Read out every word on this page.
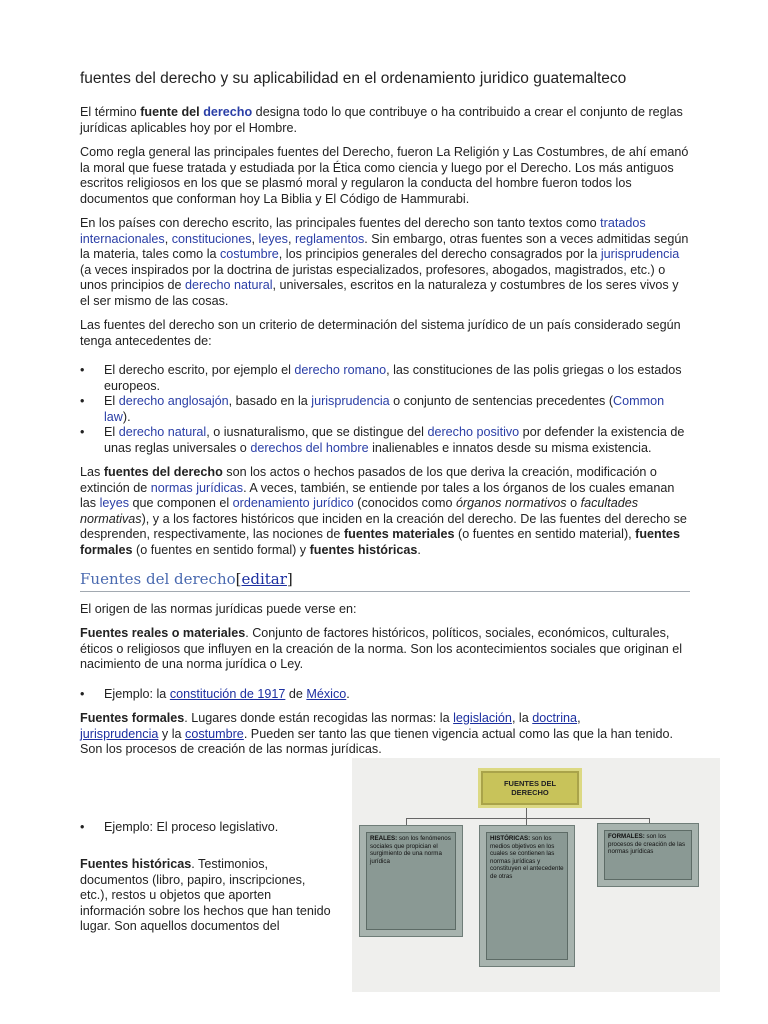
fuentes del derecho y su aplicabilidad en el ordenamiento juridico guatemalteco

El término fuente del derecho designa todo lo que contribuye o ha contribuido a crear el conjunto de reglas jurídicas aplicables hoy por el Hombre.

Como regla general las principales fuentes del Derecho, fueron La Religión y Las Costumbres, de ahí emanó la moral que fuese tratada y estudiada por la Ética como ciencia y luego por el Derecho. Los más antiguos escritos religiosos en los que se plasmó moral y regularon la conducta del hombre fueron todos los documentos que conforman hoy La Biblia y El Código de Hammurabi.

En los países con derecho escrito, las principales fuentes del derecho son tanto textos como tratados internacionales, constituciones, leyes, reglamentos. Sin embargo, otras fuentes son a veces admitidas según la materia, tales como la costumbre, los principios generales del derecho consagrados por la jurisprudencia (a veces inspirados por la doctrina de juristas especializados, profesores, abogados, magistrados, etc.) o unos principios de derecho natural, universales, escritos en la naturaleza y costumbres de los seres vivos y el ser mismo de las cosas.

Las fuentes del derecho son un criterio de determinación del sistema jurídico de un país considerado según tenga antecedentes de:

• El derecho escrito, por ejemplo el derecho romano, las constituciones de las polis griegas o los estados europeos.
• El derecho anglosajón, basado en la jurisprudencia o conjunto de sentencias precedentes (Common law).
• El derecho natural, o iusnaturalismo, que se distingue del derecho positivo por defender la existencia de unas reglas universales o derechos del hombre inalienables e innatos desde su misma existencia.

Las fuentes del derecho son los actos o hechos pasados de los que deriva la creación, modificación o extinción de normas jurídicas. A veces, también, se entiende por tales a los órganos de los cuales emanan las leyes que componen el ordenamiento jurídico (conocidos como órganos normativos o facultades normativas), y a los factores históricos que inciden en la creación del derecho. De las fuentes del derecho se desprenden, respectivamente, las nociones de fuentes materiales (o fuentes en sentido material), fuentes formales (o fuentes en sentido formal) y fuentes históricas.

Fuentes del derecho[editar]

El origen de las normas jurídicas puede verse en:

Fuentes reales o materiales. Conjunto de factores históricos, políticos, sociales, económicos, culturales, éticos o religiosos que influyen en la creación de la norma. Son los acontecimientos sociales que originan el nacimiento de una norma jurídica o Ley.

• Ejemplo: la constitución de 1917 de México.

Fuentes formales. Lugares donde están recogidas las normas: la legislación, la doctrina,
jurisprudencia y la costumbre. Pueden ser tanto las que tienen vigencia actual como las que la han tenido. Son los procesos de creación de las normas jurídicas.

• Ejemplo: El proceso legislativo.

Fuentes históricas. Testimonios, documentos (libro, papiro, inscripciones, etc.), restos u objetos que aporten información sobre los hechos que han tenido lugar. Son aquellos documentos del

FUENTES DEL
DERECHO
REALES: son los fenómenos sociales que propician el surgimiento de una norma jurídica
HISTÓRICAS: son los medios objetivos en los cuales se contienen las normas jurídicas y constituyen el antecedente de otras
FORMALES: son los procesos de creación de las normas jurídicas
